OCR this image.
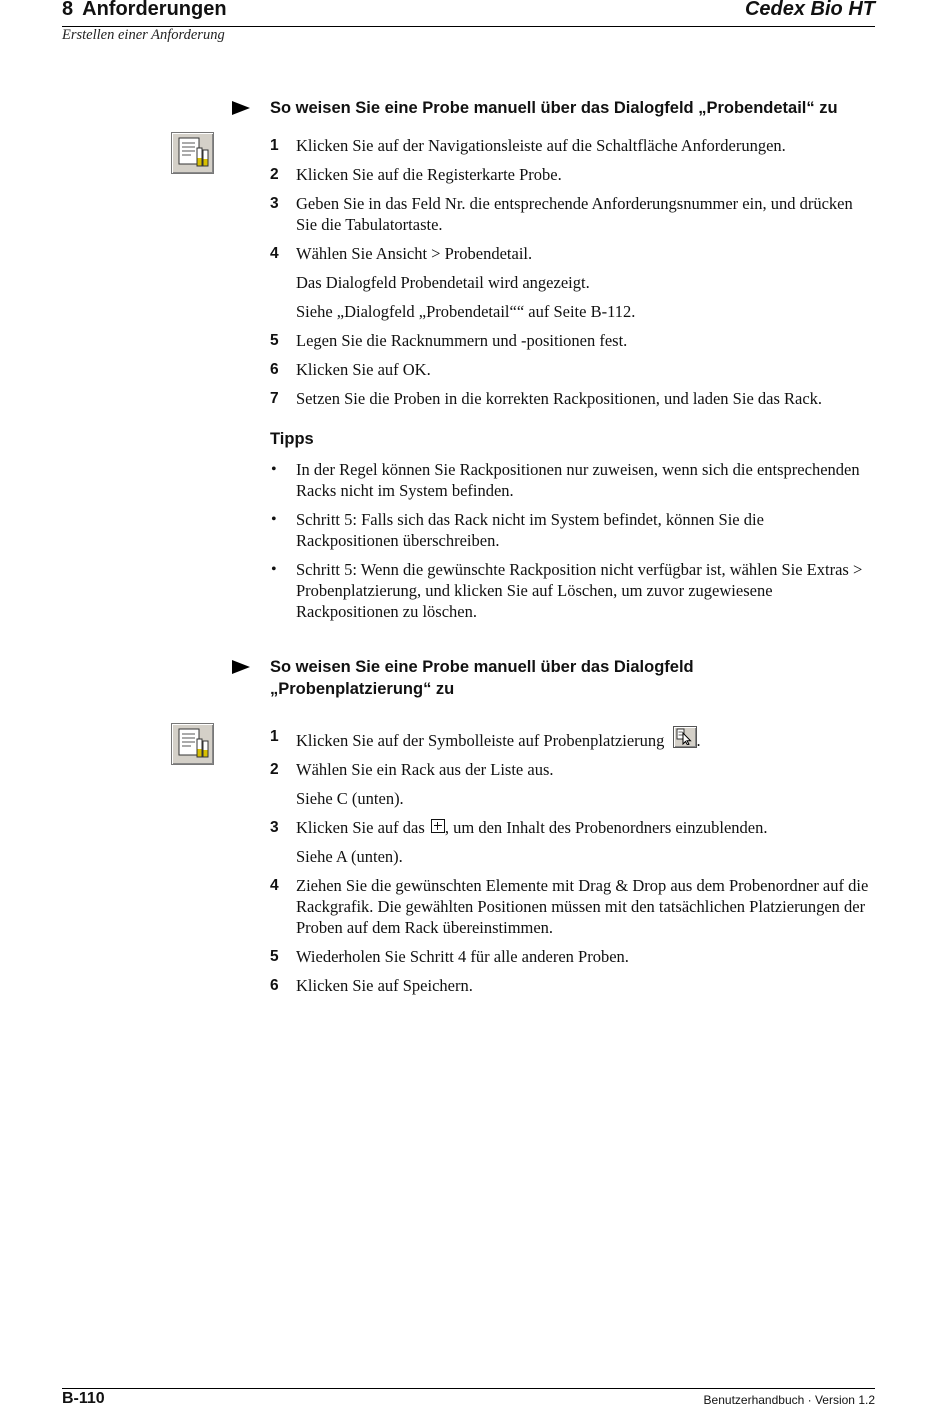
8 Anforderungen	Cedex Bio HT
Erstellen einer Anforderung
So weisen Sie eine Probe manuell über das Dialogfeld „Probendetail“ zu
1	Klicken Sie auf der Navigationsleiste auf die Schaltfläche Anforderungen.
2	Klicken Sie auf die Registerkarte Probe.
3	Geben Sie in das Feld Nr. die entsprechende Anforderungsnummer ein, und drücken Sie die Tabulatortaste.
4	Wählen Sie Ansicht > Probendetail.
Das Dialogfeld Probendetail wird angezeigt.
Siehe „Dialogfeld „Probendetail““ auf Seite B-112.
5	Legen Sie die Racknummern und -positionen fest.
6	Klicken Sie auf OK.
7	Setzen Sie die Proben in die korrekten Rackpositionen, und laden Sie das Rack.
Tipps
• In der Regel können Sie Rackpositionen nur zuweisen, wenn sich die entsprechenden Racks nicht im System befinden.
• Schritt 5: Falls sich das Rack nicht im System befindet, können Sie die Rackpositionen überschreiben.
• Schritt 5: Wenn die gewünschte Rackposition nicht verfügbar ist, wählen Sie Extras > Probenplatzierung, und klicken Sie auf Löschen, um zuvor zugewiesene Rackpositionen zu löschen.
So weisen Sie eine Probe manuell über das Dialogfeld
„Probenplatzierung“ zu
1	Klicken Sie auf der Symbolleiste auf Probenplatzierung .
2	Wählen Sie ein Rack aus der Liste aus.
Siehe C (unten).
3	Klicken Sie auf das , um den Inhalt des Probenordners einzublenden.
Siehe A (unten).
4	Ziehen Sie die gewünschten Elemente mit Drag & Drop aus dem Probenordner auf die Rackgrafik. Die gewählten Positionen müssen mit den tatsächlichen Platzierungen der Proben auf dem Rack übereinstimmen.
5	Wiederholen Sie Schritt 4 für alle anderen Proben.
6	Klicken Sie auf Speichern.
B-110	Benutzerhandbuch · Version 1.2
